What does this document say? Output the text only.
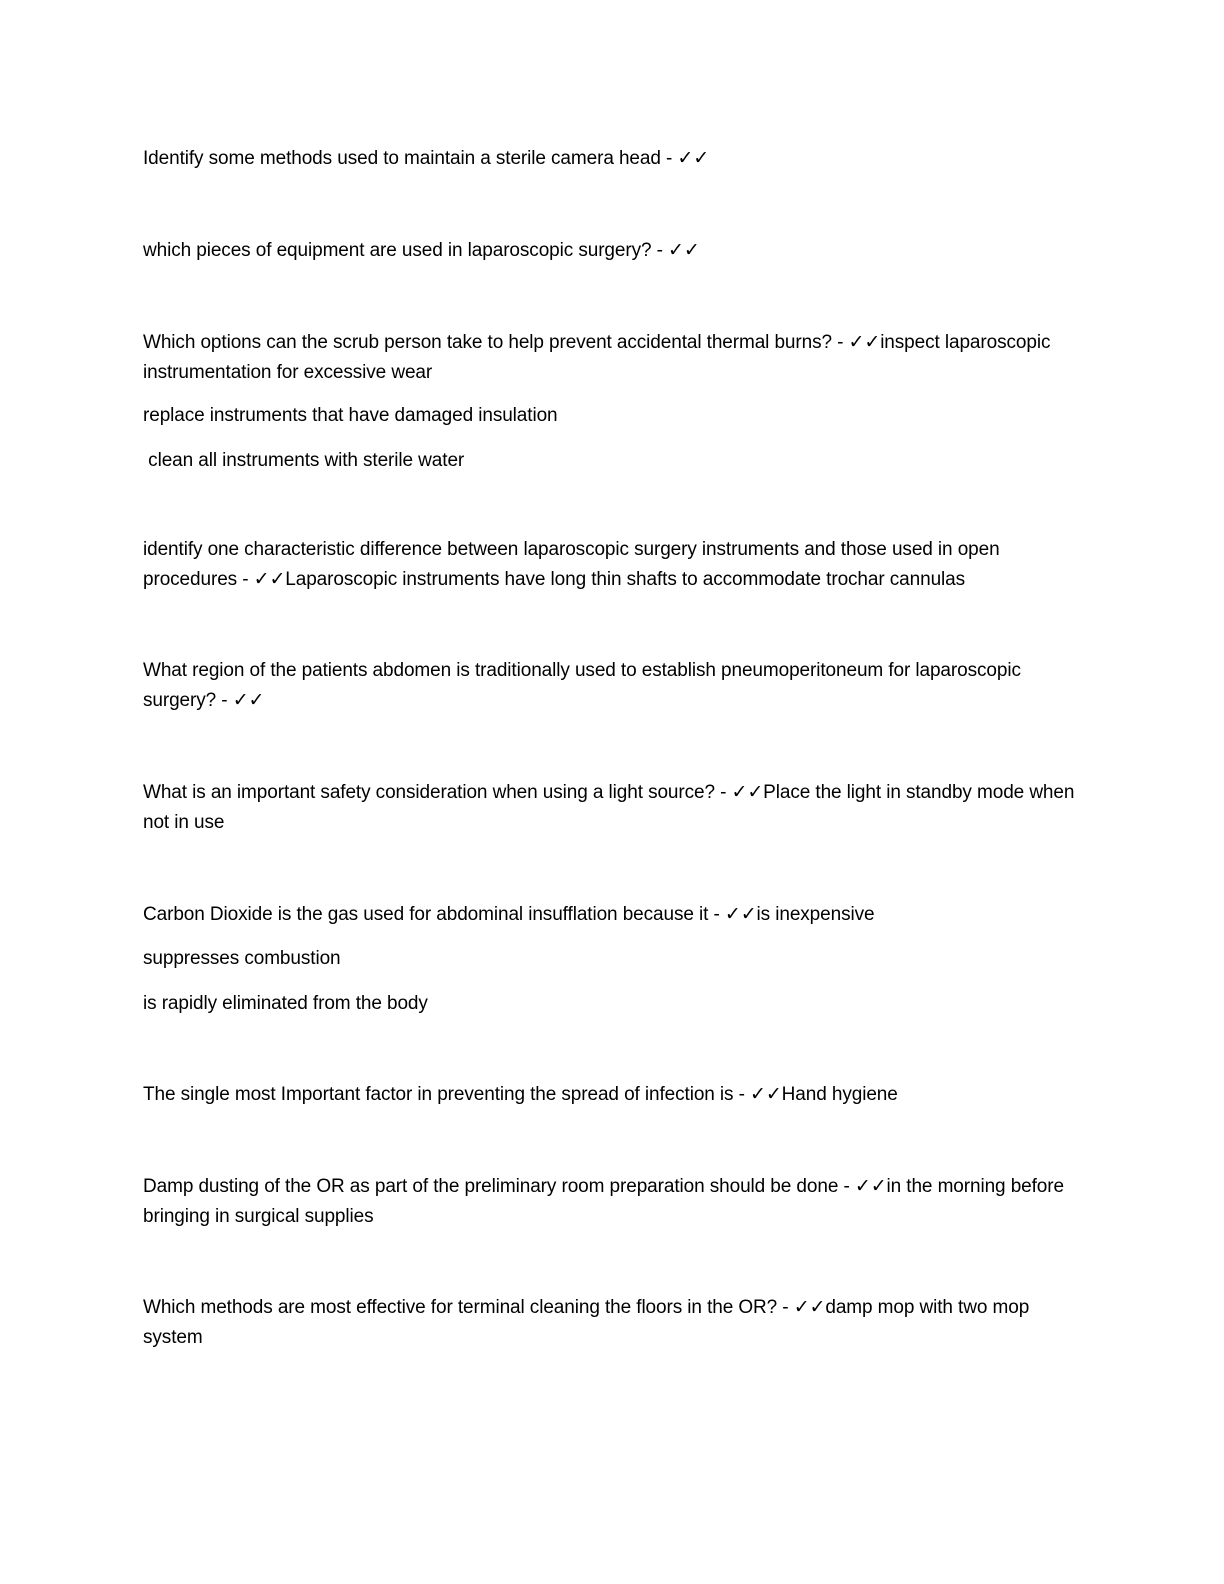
Identify some methods used to maintain a sterile camera head - ✓✓

which pieces of equipment are used in laparoscopic surgery? - ✓✓

Which options can the scrub person take to help prevent accidental thermal burns? - ✓✓inspect laparoscopic instrumentation for excessive wear

replace instruments that have damaged insulation

clean all instruments with sterile water

identify one characteristic difference between laparoscopic surgery instruments and those used in open procedures - ✓✓Laparoscopic instruments have long thin shafts to accommodate trochar cannulas

What region of the patients abdomen is traditionally used to establish pneumoperitoneum for laparoscopic surgery? - ✓✓

What is an important safety consideration when using a light source? - ✓✓Place the light in standby mode when not in use

Carbon Dioxide is the gas used for abdominal insufflation because it - ✓✓is inexpensive

suppresses combustion

is rapidly eliminated from the body

The single most Important factor in preventing the spread of infection is - ✓✓Hand hygiene

Damp dusting of the OR as part of the preliminary room preparation should be done - ✓✓in the morning before bringing in surgical supplies

Which methods are most effective for terminal cleaning the floors in the OR? - ✓✓damp mop with two mop system
